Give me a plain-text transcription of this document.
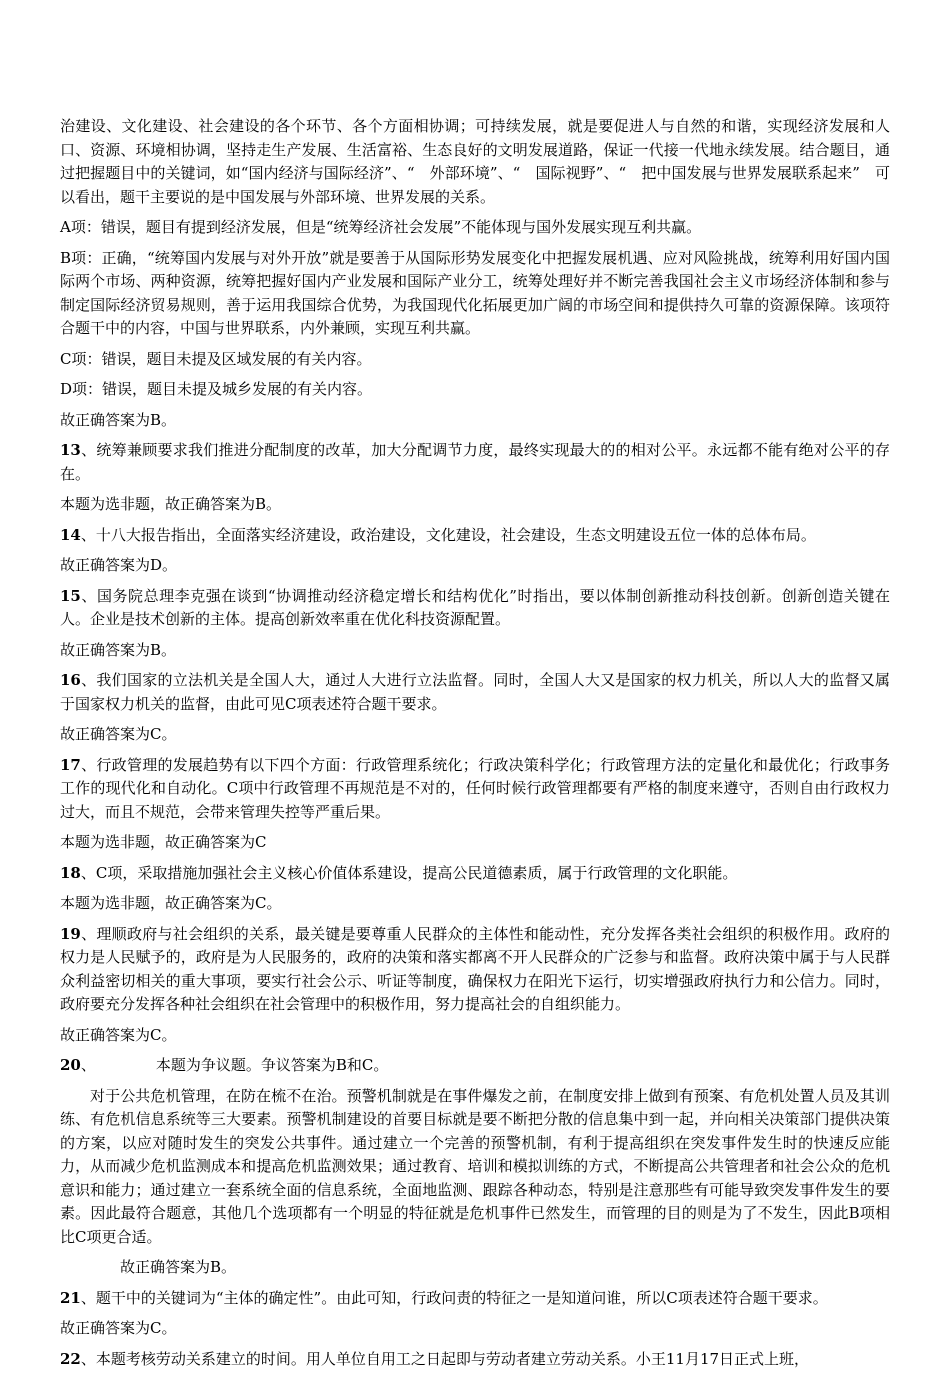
治建设、文化建设、社会建设的各个环节、各个方面相协调；可持续发展，就是要促进人与自然的和谐，实现经济发展和人口、资源、环境相协调，坚持走生产发展、生活富裕、生态良好的文明发展道路，保证一代接一代地永续发展。结合题目，通过把握题目中的关键词，如“国内经济与国际经济”、“　外部环境”、“　国际视野”、“　把中国发展与世界发展联系起来”　可以看出，题干主要说的是中国发展与外部环境、世界发展的关系。

A项：错误，题目有提到经济发展，但是“统筹经济社会发展”不能体现与国外发展实现互利共赢。

B项：正确，“统筹国内发展与对外开放”就是要善于从国际形势发展变化中把握发展机遇、应对风险挑战，统筹利用好国内国际两个市场、两种资源，统筹把握好国内产业发展和国际产业分工，统筹处理好并不断完善我国社会主义市场经济体制和参与制定国际经济贸易规则，善于运用我国综合优势，为我国现代化拓展更加广阔的市场空间和提供持久可靠的资源保障。该项符合题干中的内容，中国与世界联系，内外兼顾，实现互利共赢。

C项：错误，题目未提及区域发展的有关内容。

D项：错误，题目未提及城乡发展的有关内容。

故正确答案为B。

13、统筹兼顾要求我们推进分配制度的改革，加大分配调节力度，最终实现最大的的相对公平。永远都不能有绝对公平的存在。

本题为选非题，故正确答案为B。

14、十八大报告指出，全面落实经济建设，政治建设，文化建设，社会建设，生态文明建设五位一体的总体布局。

故正确答案为D。

15、国务院总理李克强在谈到“协调推动经济稳定增长和结构优化”时指出，要以体制创新推动科技创新。创新创造关键在人。企业是技术创新的主体。提高创新效率重在优化科技资源配置。

故正确答案为B。

16、我们国家的立法机关是全国人大，通过人大进行立法监督。同时，全国人大又是国家的权力机关，所以人大的监督又属于国家权力机关的监督，由此可见C项表述符合题干要求。

故正确答案为C。

17、行政管理的发展趋势有以下四个方面：行政管理系统化；行政决策科学化；行政管理方法的定量化和最优化；行政事务工作的现代化和自动化。C项中行政管理不再规范是不对的，任何时候行政管理都要有严格的制度来遵守，否则自由行政权力过大，而且不规范，会带来管理失控等严重后果。

本题为选非题，故正确答案为C

18、C项，采取措施加强社会主义核心价值体系建设，提高公民道德素质，属于行政管理的文化职能。

本题为选非题，故正确答案为C。

19、理顺政府与社会组织的关系，最关键是要尊重人民群众的主体性和能动性，充分发挥各类社会组织的积极作用。政府的权力是人民赋予的，政府是为人民服务的，政府的决策和落实都离不开人民群众的广泛参与和监督。政府决策中属于与人民群众利益密切相关的重大事项，要实行社会公示、听证等制度，确保权力在阳光下运行，切实增强政府执行力和公信力。同时，政府要充分发挥各种社会组织在社会管理中的积极作用，努力提高社会的自组织能力。

故正确答案为C。

20、	本题为争议题。争议答案为B和C。

对于公共危机管理，在防在梳不在治。预警机制就是在事件爆发之前，在制度安排上做到有预案、有危机处置人员及其训练、有危机信息系统等三大要素。预警机制建设的首要目标就是要不断把分散的信息集中到一起，并向相关决策部门提供决策的方案，以应对随时发生的突发公共事件。通过建立一个完善的预警机制，有利于提高组织在突发事件发生时的快速反应能力，从而减少危机监测成本和提高危机监测效果；通过教育、培训和模拟训练的方式，不断提高公共管理者和社会公众的危机意识和能力；通过建立一套系统全面的信息系统，全面地监测、跟踪各种动态，特别是注意那些有可能导致突发事件发生的要素。因此最符合题意，其他几个选项都有一个明显的特征就是危机事件已然发生，而管理的目的则是为了不发生，因此B项相比C项更合适。

故正确答案为B。

21、题干中的关键词为“主体的确定性”。由此可知，行政问责的特征之一是知道问谁，所以C项表述符合题干要求。

故正确答案为C。

22、本题考核劳动关系建立的时间。用人单位自用工之日起即与劳动者建立劳动关系。小王11月17日正式上班，
